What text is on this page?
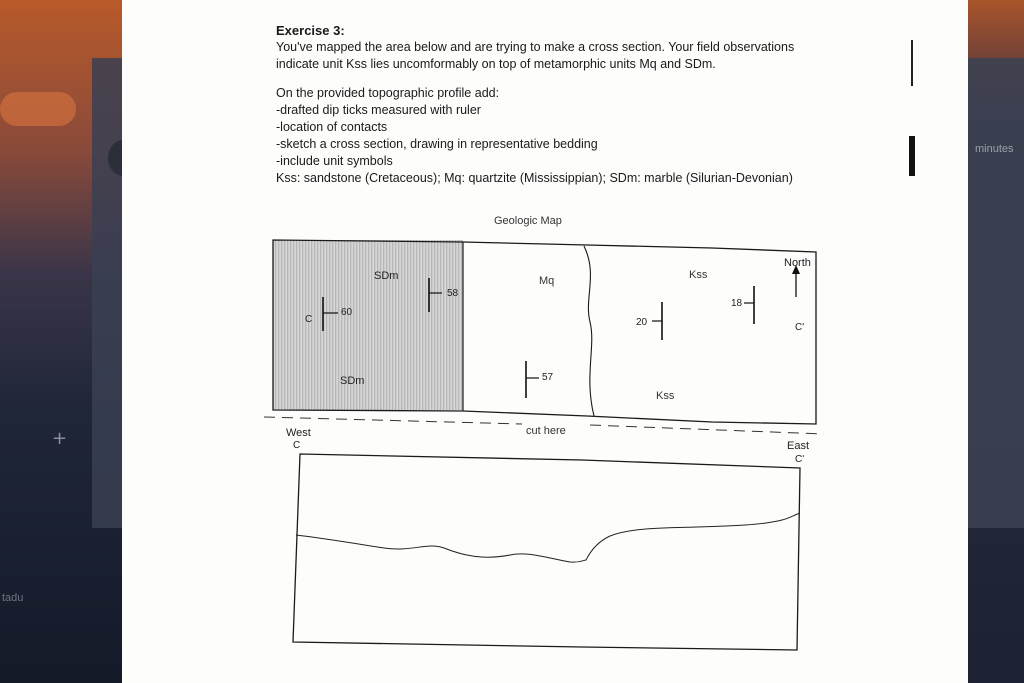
+
tadu
minutes
Exercise 3:
You've mapped the area below and are trying to make a cross section. Your field observations
indicate unit Kss lies uncomformably on top of metamorphic units Mq and SDm.
On the provided topographic profile add:
-drafted dip ticks measured with ruler
-location of contacts
-sketch a cross section, drawing in representative bedding
-include unit symbols
Kss: sandstone (Cretaceous); Mq: quartzite (Mississippian); SDm: marble (Silurian-Devonian)
Geologic Map
SDm
SDm
Mq	Kss
Kss
North
C
C'
60
58
57
20
18
cut here
West
C	East
C'
